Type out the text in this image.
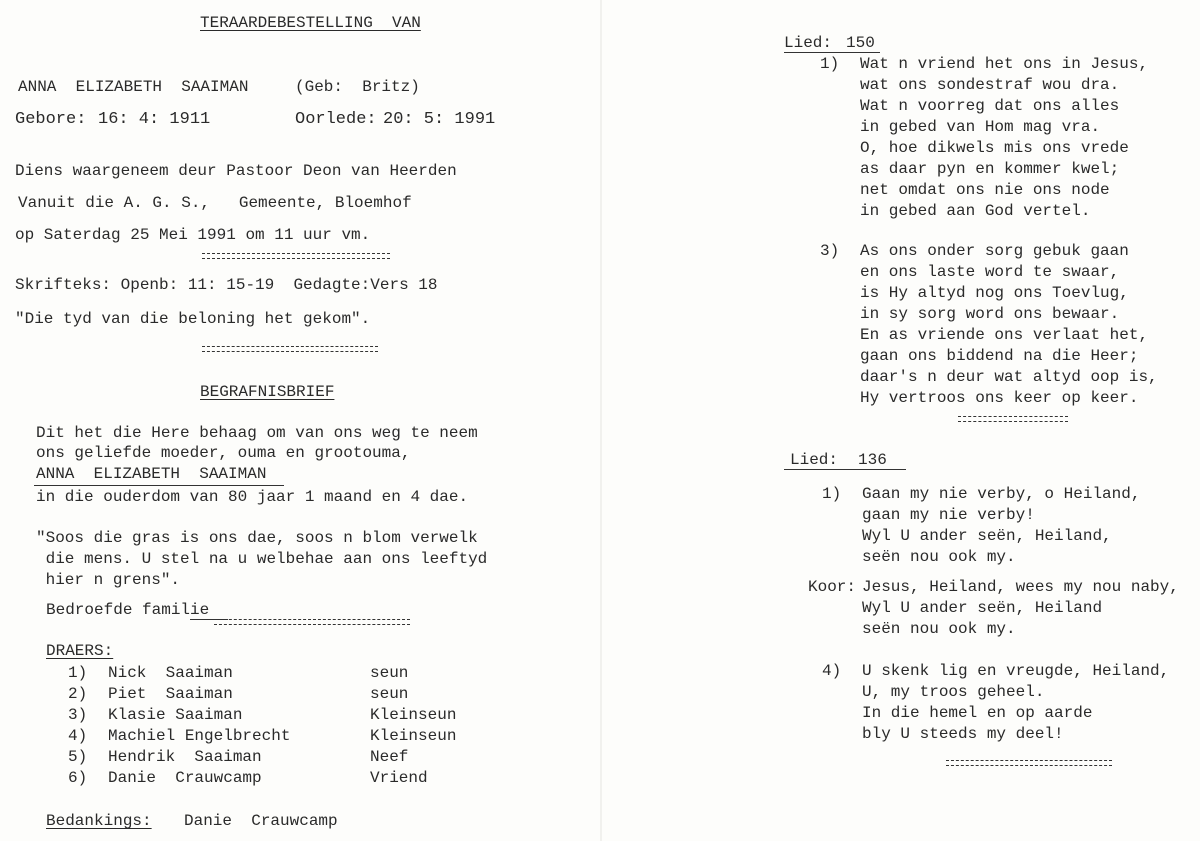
TERAARDEBESTELLING  VAN
ANNA  ELIZABETH  SAAIMAN	(Geb:  Britz)
Gebore: 16: 4: 1911	Oorlede: 20: 5: 1991
Diens waargeneem deur Pastoor Deon van Heerden
Vanuit die A. G. S.,   Gemeente, Bloemhof
op Saterdag 25 Mei 1991 om 11 uur vm.
Skrifteks: Openb: 11: 15-19  Gedagte:Vers 18
"Die tyd van die beloning het gekom".
BEGRAFNISBRIEF
Dit het die Here behaag om van ons weg te neem
ons geliefde moeder, ouma en grootouma,
ANNA  ELIZABETH  SAAIMAN
in die ouderdom van 80 jaar 1 maand en 4 dae.
"Soos die gras is ons dae, soos n blom verwelk
die mens. U stel na u welbehae aan ons leeftyd
hier n grens".
Bedroefde familie
DRAERS:
1) Nick  Saaiman	seun
2) Piet  Saaiman	seun
3) Klasie Saaiman	Kleinseun
4) Machiel Engelbrecht	Kleinseun
5) Hendrik  Saaiman	Neef
6) Danie  Crauwcamp	Vriend
Bedankings: Danie  Crauwcamp
Lied: 150
1) Wat n vriend het ons in Jesus,
wat ons sondestraf wou dra.
Wat n voorreg dat ons alles
in gebed van Hom mag vra.
O, hoe dikwels mis ons vrede
as daar pyn en kommer kwel;
net omdat ons nie ons node
in gebed aan God vertel.
3) As ons onder sorg gebuk gaan
en ons laste word te swaar,
is Hy altyd nog ons Toevlug,
in sy sorg word ons bewaar.
En as vriende ons verlaat het,
gaan ons biddend na die Heer;
daar's n deur wat altyd oop is,
Hy vertroos ons keer op keer.
Lied: 136
1) Gaan my nie verby, o Heiland,
gaan my nie verby!
Wyl U ander seën, Heiland,
seën nou ook my.
Koor: Jesus, Heiland, wees my nou naby,
Wyl U ander seën, Heiland
seën nou ook my.
4) U skenk lig en vreugde, Heiland,
U, my troos geheel.
In die hemel en op aarde
bly U steeds my deel!
